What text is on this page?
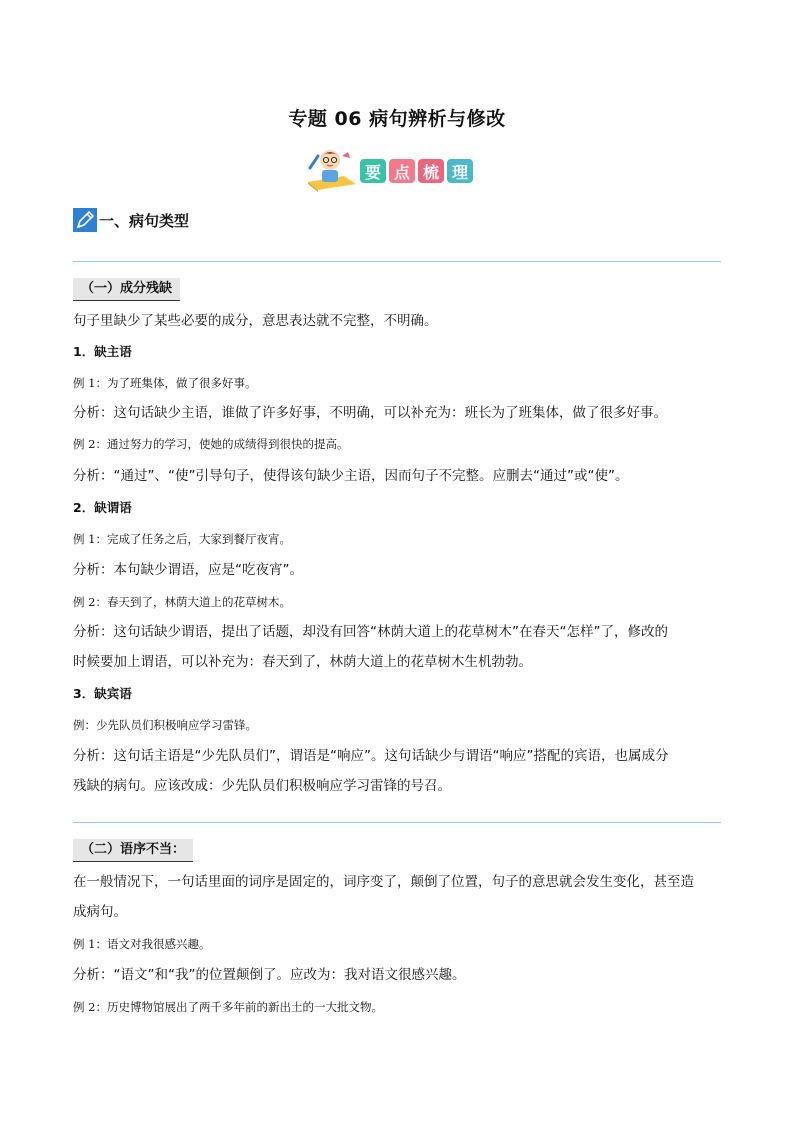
专题 06 病句辨析与修改
要 点 梳 理
一、病句类型
（一）成分残缺
句子里缺少了某些必要的成分，意思表达就不完整，不明确。
1．缺主语
例 1：为了班集体，做了很多好事。
分析：这句话缺少主语，谁做了许多好事，不明确，可以补充为：班长为了班集体，做了很多好事。
例 2：通过努力的学习，使她的成绩得到很快的提高。
分析：“通过”、“使”引导句子，使得该句缺少主语，因而句子不完整。应删去“通过”或“使”。
2．缺谓语
例 1：完成了任务之后，大家到餐厅夜宵。
分析：本句缺少谓语，应是“吃夜宵”。
例 2：春天到了，林荫大道上的花草树木。
分析：这句话缺少谓语，提出了话题，却没有回答“林荫大道上的花草树木”在春天“怎样”了，修改的
时候要加上谓语，可以补充为：春天到了，林荫大道上的花草树木生机勃勃。
3．缺宾语
例：少先队员们积极响应学习雷锋。
分析：这句话主语是“少先队员们”，谓语是“响应”。这句话缺少与谓语“响应”搭配的宾语，也属成分
残缺的病句。应该改成：少先队员们积极响应学习雷锋的号召。
（二）语序不当：
在一般情况下，一句话里面的词序是固定的，词序变了，颠倒了位置，句子的意思就会发生变化，甚至造
成病句。
例 1：语文对我很感兴趣。
分析：“语文”和“我”的位置颠倒了。应改为：我对语文很感兴趣。
例 2：历史博物馆展出了两千多年前的新出土的一大批文物。
